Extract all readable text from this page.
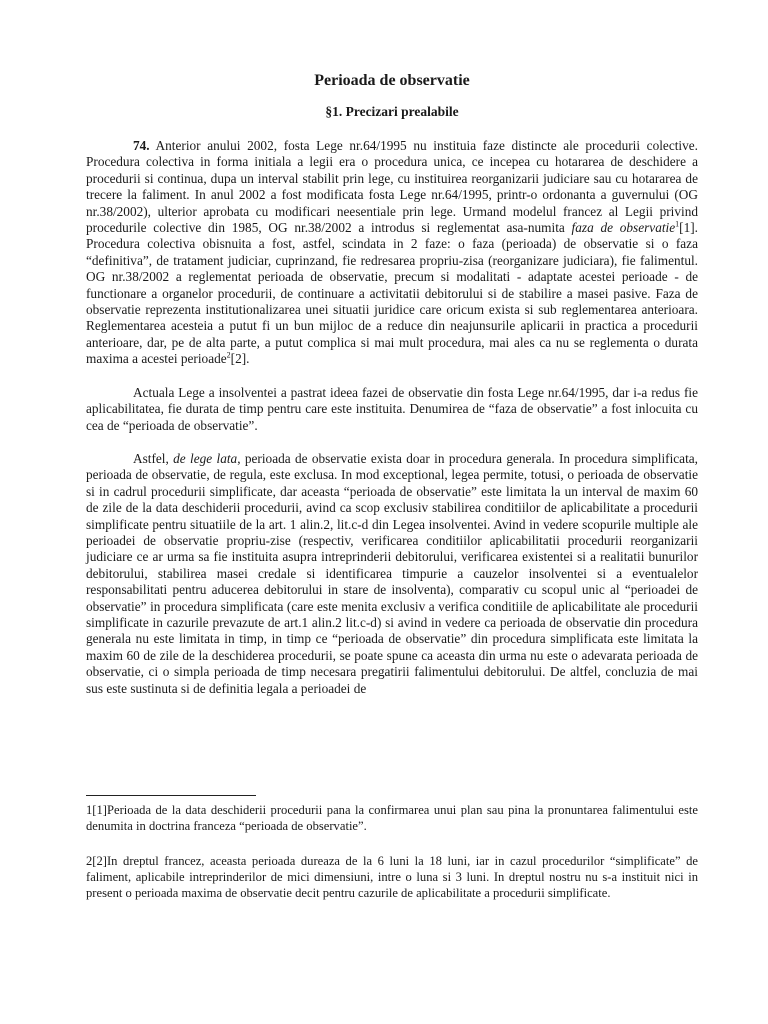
Perioada de observatie
§1. Precizari prealabile

74. Anterior anului 2002, fosta Lege nr.64/1995 nu instituia faze distincte ale procedurii colective. Procedura colectiva in forma initiala a legii era o procedura unica, ce incepea cu hotararea de deschidere a procedurii si continua, dupa un interval stabilit prin lege, cu instituirea reorganizarii judiciare sau cu hotararea de trecere la faliment. In anul 2002 a fost modificata fosta Lege nr.64/1995, printr-o ordonanta a guvernului (OG nr.38/2002), ulterior aprobata cu modificari neesentiale prin lege. Urmand modelul francez al Legii privind procedurile colective din 1985, OG nr.38/2002 a introdus si reglementat asa-numita faza de observatie$^1$[1]. Procedura colectiva obisnuita a fost, astfel, scindata in 2 faze: o faza (perioada) de observatie si o faza “definitiva”, de tratament judiciar, cuprinzand, fie redresarea propriu-zisa (reorganizare judiciara), fie falimentul. OG nr.38/2002 a reglementat perioada de observatie, precum si modalitati - adaptate acestei perioade - de functionare a organelor procedurii, de continuare a activitatii debitorului si de stabilire a masei pasive. Faza de observatie reprezenta institutionalizarea unei situatii juridice care oricum exista si sub reglementarea anterioara. Reglementarea acesteia a putut fi un bun mijloc de a reduce din neajunsurile aplicarii in practica a procedurii anterioare, dar, pe de alta parte, a putut complica si mai mult procedura, mai ales ca nu se reglementa o durata maxima a acestei perioade$^2$[2].

Actuala Lege a insolventei a pastrat ideea fazei de observatie din fosta Lege nr.64/1995, dar i-a redus fie aplicabilitatea, fie durata de timp pentru care este instituita. Denumirea de “faza de observatie” a fost inlocuita cu cea de “perioada de observatie”.

Astfel, de lege lata, perioada de observatie exista doar in procedura generala. In procedura simplificata, perioada de observatie, de regula, este exclusa. In mod exceptional, legea permite, totusi, o perioada de observatie si in cadrul procedurii simplificate, dar aceasta “perioada de observatie” este limitata la un interval de maxim 60 de zile de la data deschiderii procedurii, avind ca scop exclusiv stabilirea conditiilor de aplicabilitate a procedurii simplificate pentru situatiile de la art. 1 alin.2, lit.c-d din Legea insolventei. Avind in vedere scopurile multiple ale perioadei de observatie propriu-zise (respectiv, verificarea conditiilor aplicabilitatii procedurii reorganizarii judiciare ce ar urma sa fie instituita asupra intreprinderii debitorului, verificarea existentei si a realitatii bunurilor debitorului, stabilirea masei credale si identificarea timpurie a cauzelor insolventei si a eventualelor responsabilitati pentru aducerea debitorului in stare de insolventa), comparativ cu scopul unic al “perioadei de observatie” in procedura simplificata (care este menita exclusiv a verifica conditiile de aplicabilitate ale procedurii simplificate in cazurile prevazute de art.1 alin.2 lit.c-d) si avind in vedere ca perioada de observatie din procedura generala nu este limitata in timp, in timp ce “perioada de observatie” din procedura simplificata este limitata la maxim 60 de zile de la deschiderea procedurii, se poate spune ca aceasta din urma nu este o adevarata perioada de observatie, ci o simpla perioada de timp necesara pregatirii falimentului debitorului. De altfel, concluzia de mai sus este sustinuta si de definitia legala a perioadei de

1[1]Perioada de la data deschiderii procedurii pana la confirmarea unui plan sau pina la pronuntarea falimentului este denumita in doctrina franceza “perioada de observatie”.

2[2]In dreptul francez, aceasta perioada dureaza de la 6 luni la 18 luni, iar in cazul procedurilor “simplificate” de faliment, aplicabile intreprinderilor de mici dimensiuni, intre o luna si 3 luni. In dreptul nostru nu s-a instituit nici in present o perioada maxima de observatie decit pentru cazurile de aplicabilitate a procedurii simplificate.
